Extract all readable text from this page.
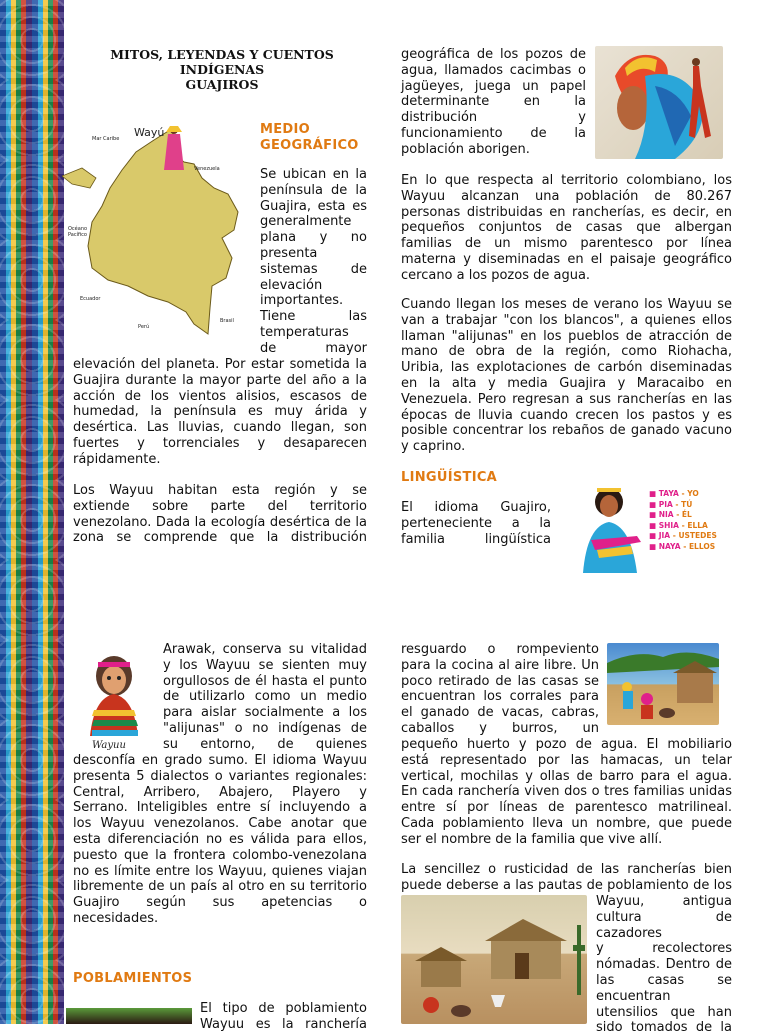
MITOS, LEYENDAS Y CUENTOS INDÍGENAS
GUAJIROS
Wayú
Mar Caribe
Venezuela
Océano
Pacífico
Ecuador
Perú
Brasil
MEDIO
GEOGRÁFICO
Se ubican en la
península de la
Guajira, esta es
generalmente
plana y no
presenta
sistemas de
elevación
importantes.
Tiene las
temperaturas
de mayor
elevación del planeta. Por estar sometida la
Guajira durante la mayor parte del año a la
acción de los vientos alisios, escasos de
humedad, la península es muy árida y
desértica. Las lluvias, cuando llegan, son
fuertes y torrenciales y desaparecen
rápidamente.
Los Wayuu habitan esta región y se
extiende sobre parte del territorio
venezolano. Dada la ecología desértica de la
zona se comprende que la distribución
geográfica de los pozos de
agua, llamados cacimbas o
jagüeyes, juega un papel
determinante en la
distribución y
funcionamiento de la
población aborigen.
En lo que respecta al territorio colombiano, los
Wayuu alcanzan una población de 80.267
personas distribuidas en rancherías, es decir, en
pequeños conjuntos de casas que albergan
familias de un mismo parentesco por línea
materna y diseminadas en el paisaje geográfico
cercano a los pozos de agua.
Cuando llegan los meses de verano los Wayuu se
van a trabajar "con los blancos", a quienes ellos
llaman "alijunas" en los pueblos de atracción de
mano de obra de la región, como Riohacha,
Uribia, las explotaciones de carbón diseminadas
en la alta y media Guajira y Maracaibo en
Venezuela. Pero regresan a sus rancherías en las
épocas de lluvia cuando crecen los pastos y es
posible concentrar los rebaños de ganado vacuno
y caprino.
LINGÜÍSTICA
El idioma Guajiro,
perteneciente a la
familia lingüística
■ TAYA - YO
■ PIA - TÚ
■ NIA - ÉL
■ SHIA - ELLA
■ JIA - USTEDES
■ NAYA - ELLOS
Wayuu
Arawak, conserva su vitalidad
y los Wayuu se sienten muy
orgullosos de él hasta el punto
de utilizarlo como un medio
para aislar socialmente a los
"alijunas" o no indígenas de
su entorno, de quienes
desconfía en grado sumo. El idioma Wayuu
presenta 5 dialectos o variantes regionales:
Central, Arribero, Abajero, Playero y
Serrano. Inteligibles entre sí incluyendo a
los Wayuu venezolanos. Cabe anotar que
esta diferenciación no es válida para ellos,
puesto que la frontera colombo-venezolana
no es límite entre los Wayuu, quienes viajan
libremente de un país al otro en su territorio
Guajiro según sus apetencias o
necesidades.
POBLAMIENTOS
El tipo de poblamiento
Wayuu es la ranchería
resguardo o rompeviento
para la cocina al aire libre. Un
poco retirado de las casas se
encuentran los corrales para
el ganado de vacas, cabras,
caballos y burros, un
pequeño huerto y pozo de agua. El mobiliario
está representado por las hamacas, un telar
vertical, mochilas y ollas de barro para el agua.
En cada ranchería viven dos o tres familias unidas
entre sí por líneas de parentesco matrilineal.
Cada poblamiento lleva un nombre, que puede
ser el nombre de la familia que vive allí.
La sencillez o rusticidad de las rancherías bien
puede deberse a las pautas de poblamiento de los
Wayuu, antigua
cultura de cazadores
y recolectores
nómadas. Dentro de
las casas se
encuentran
utensilios que han
sido tomados de la
